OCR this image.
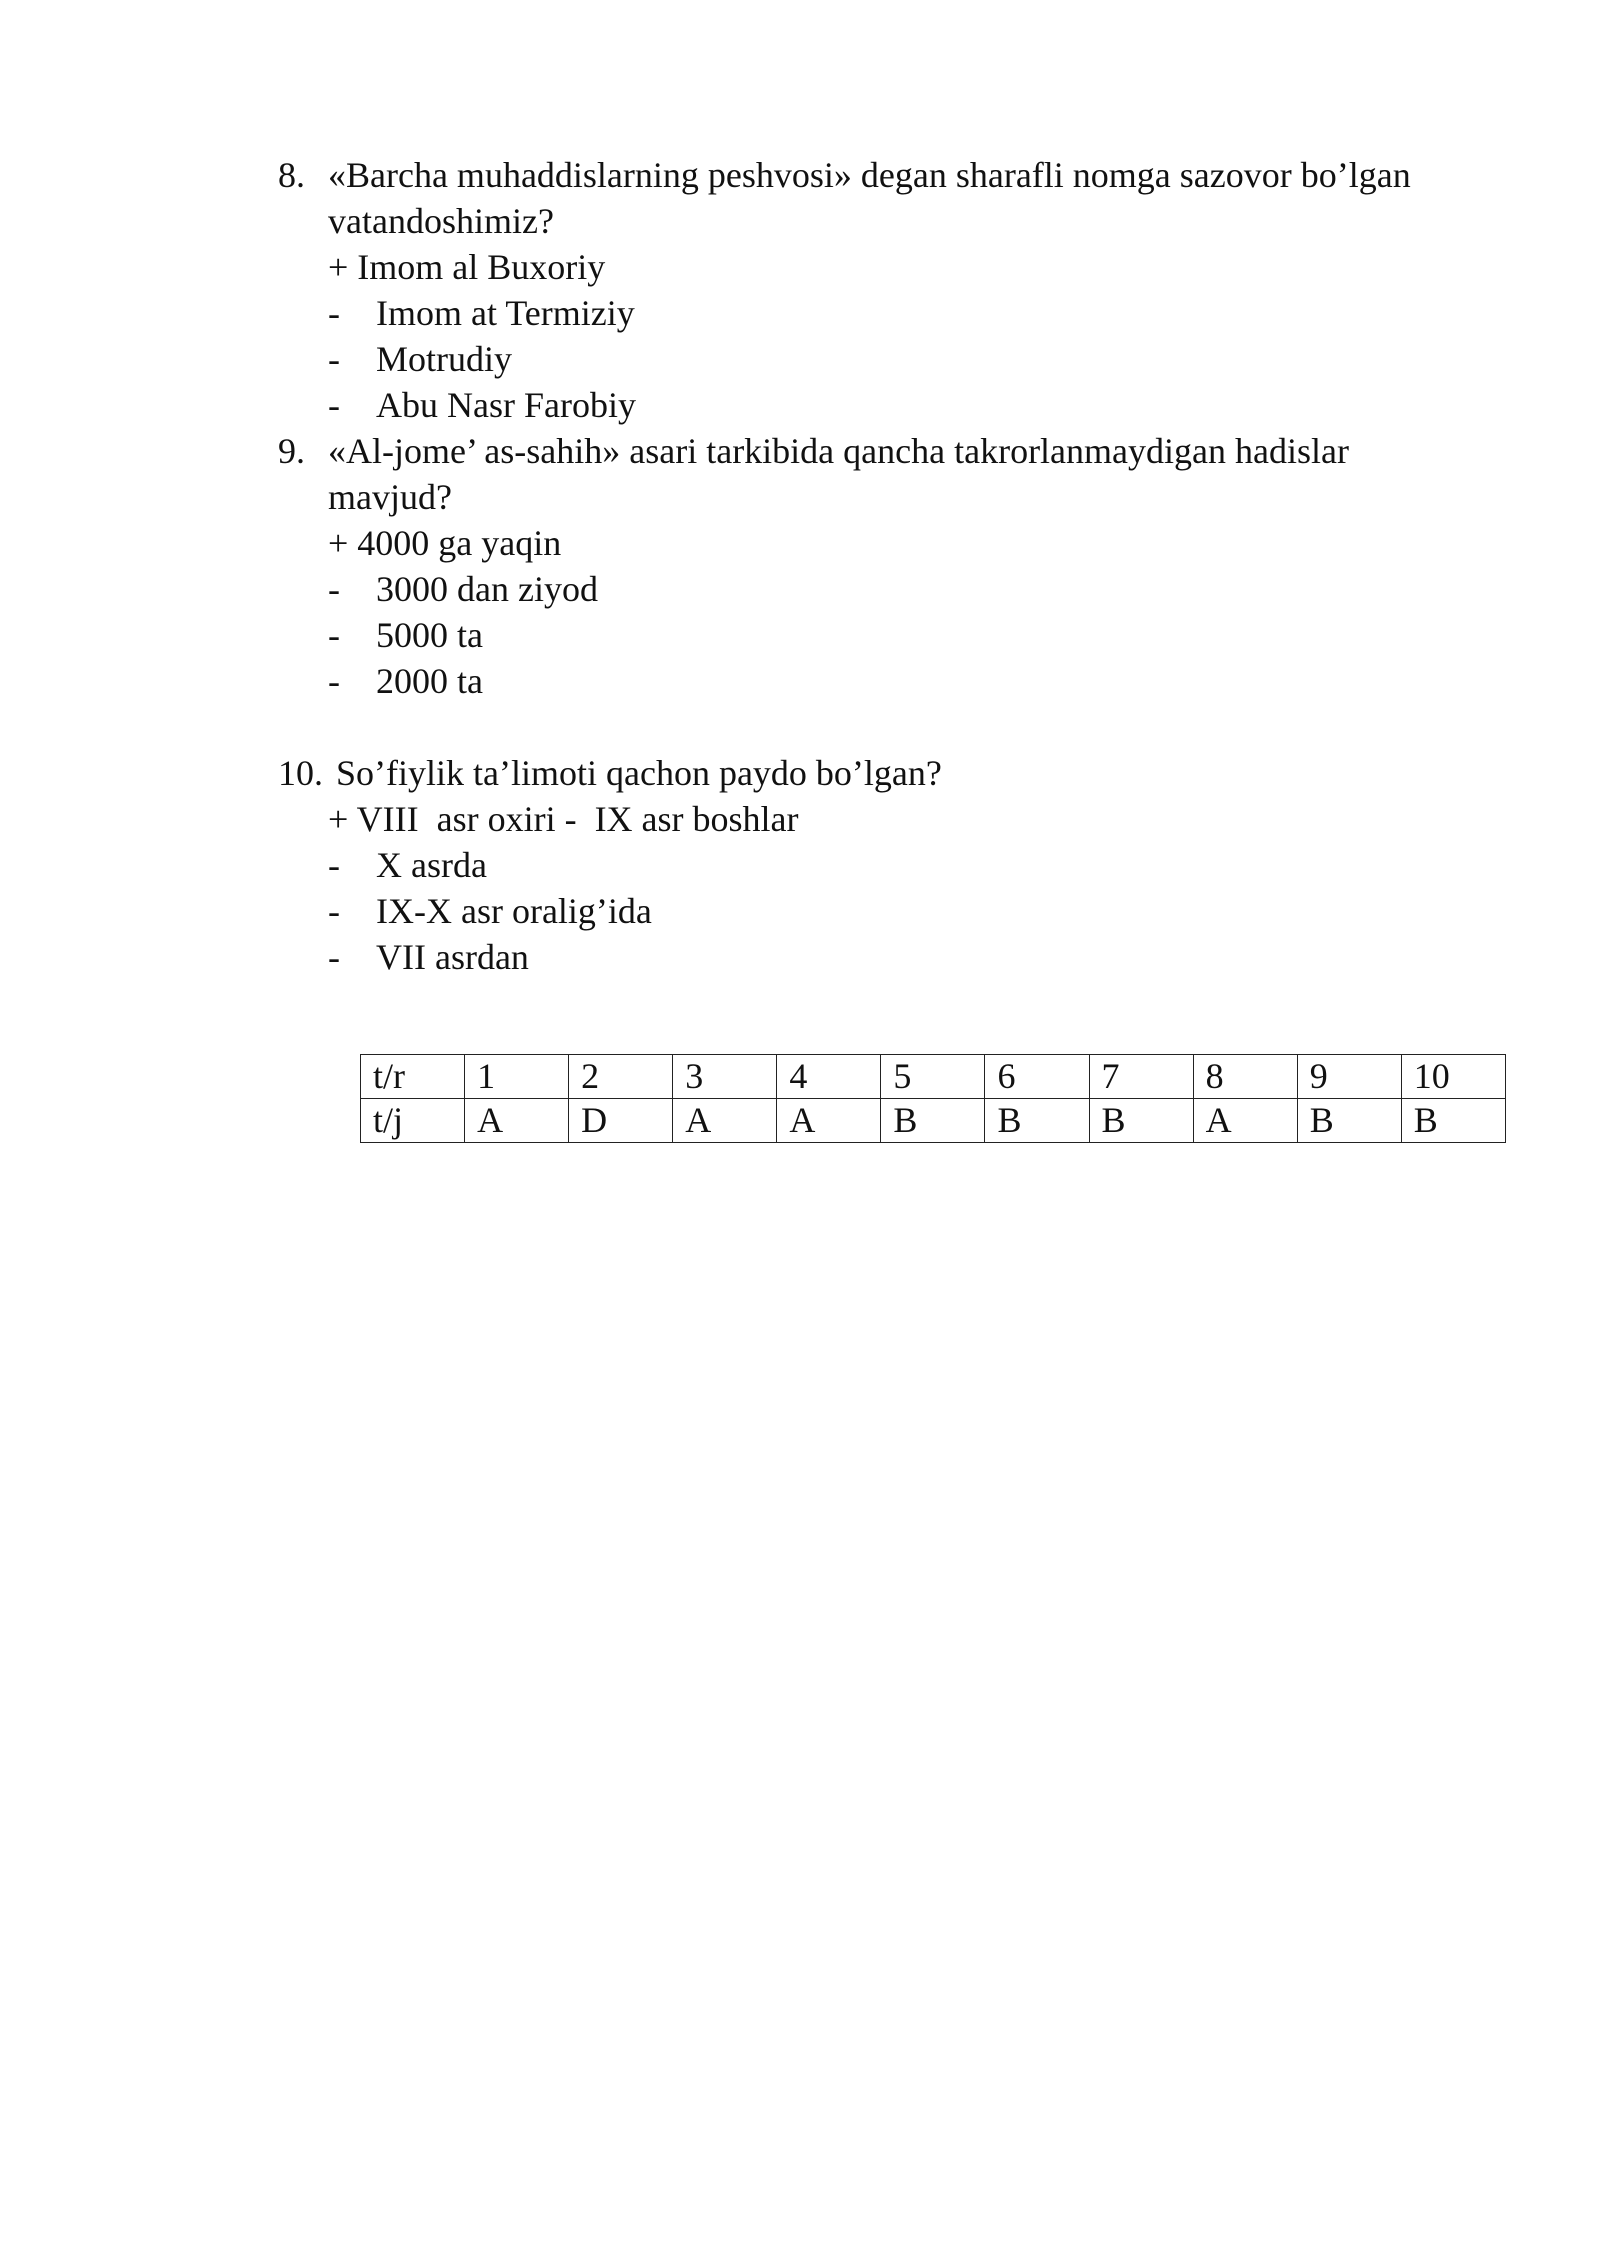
8. «Barcha muhaddislarning peshvosi» degan sharafli nomga sazovor bo’lgan
vatandoshimiz?
+ Imom al Buxoriy
- Imom at Termiziy
- Motrudiy
- Abu Nasr Farobiy
9. «Al-jome’ as-sahih» asari tarkibida qancha takrorlanmaydigan hadislar
mavjud?
+ 4000 ga yaqin
- 3000 dan ziyod
- 5000 ta
- 2000 ta
10. So’fiylik ta’limoti qachon paydo bo’lgan?
+ VIII  asr oxiri -  IX asr boshlar
- X asrda
- IX-X asr oralig’ida
- VII asrdan
t/r	1	2	3	4	5	6	7	8	9	10
t/j	A	D	A	A	B	B	B	A	B	B
